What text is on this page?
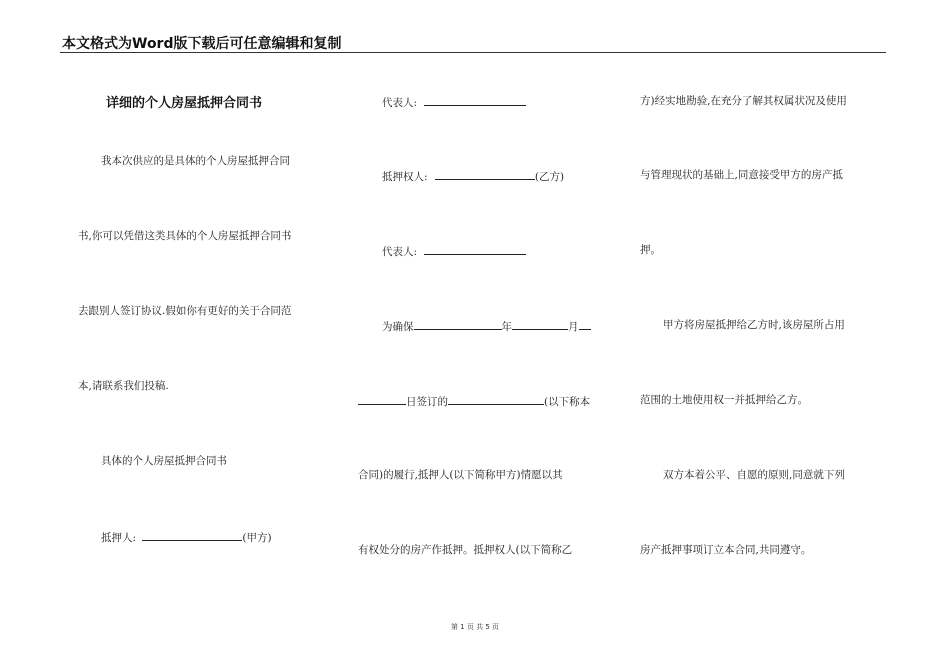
本文格式为Word版下载后可任意编辑和复制
详细的个人房屋抵押合同书
我本次供应的是具体的个人房屋抵押合同
书,你可以凭借这类具体的个人房屋抵押合同书
去跟别人签订协议.假如你有更好的关于合同范
本,请联系我们投稿.
具体的个人房屋抵押合同书
抵押人:	(甲方)
代表人:
抵押权人:	(乙方)
代表人:
为确保	年	月
日签订的	(以下称本
合同)的履行,抵押人(以下简称甲方)情愿以其
有权处分的房产作抵押。抵押权人(以下简称乙
方)经实地勘验,在充分了解其权属状况及使用
与管理现状的基础上,同意接受甲方的房产抵
押。
甲方将房屋抵押给乙方时,该房屋所占用
范围的土地使用权一并抵押给乙方。
双方本着公平、自愿的原则,同意就下列
房产抵押事项订立本合同,共同遵守。
第 1 页 共 5 页
